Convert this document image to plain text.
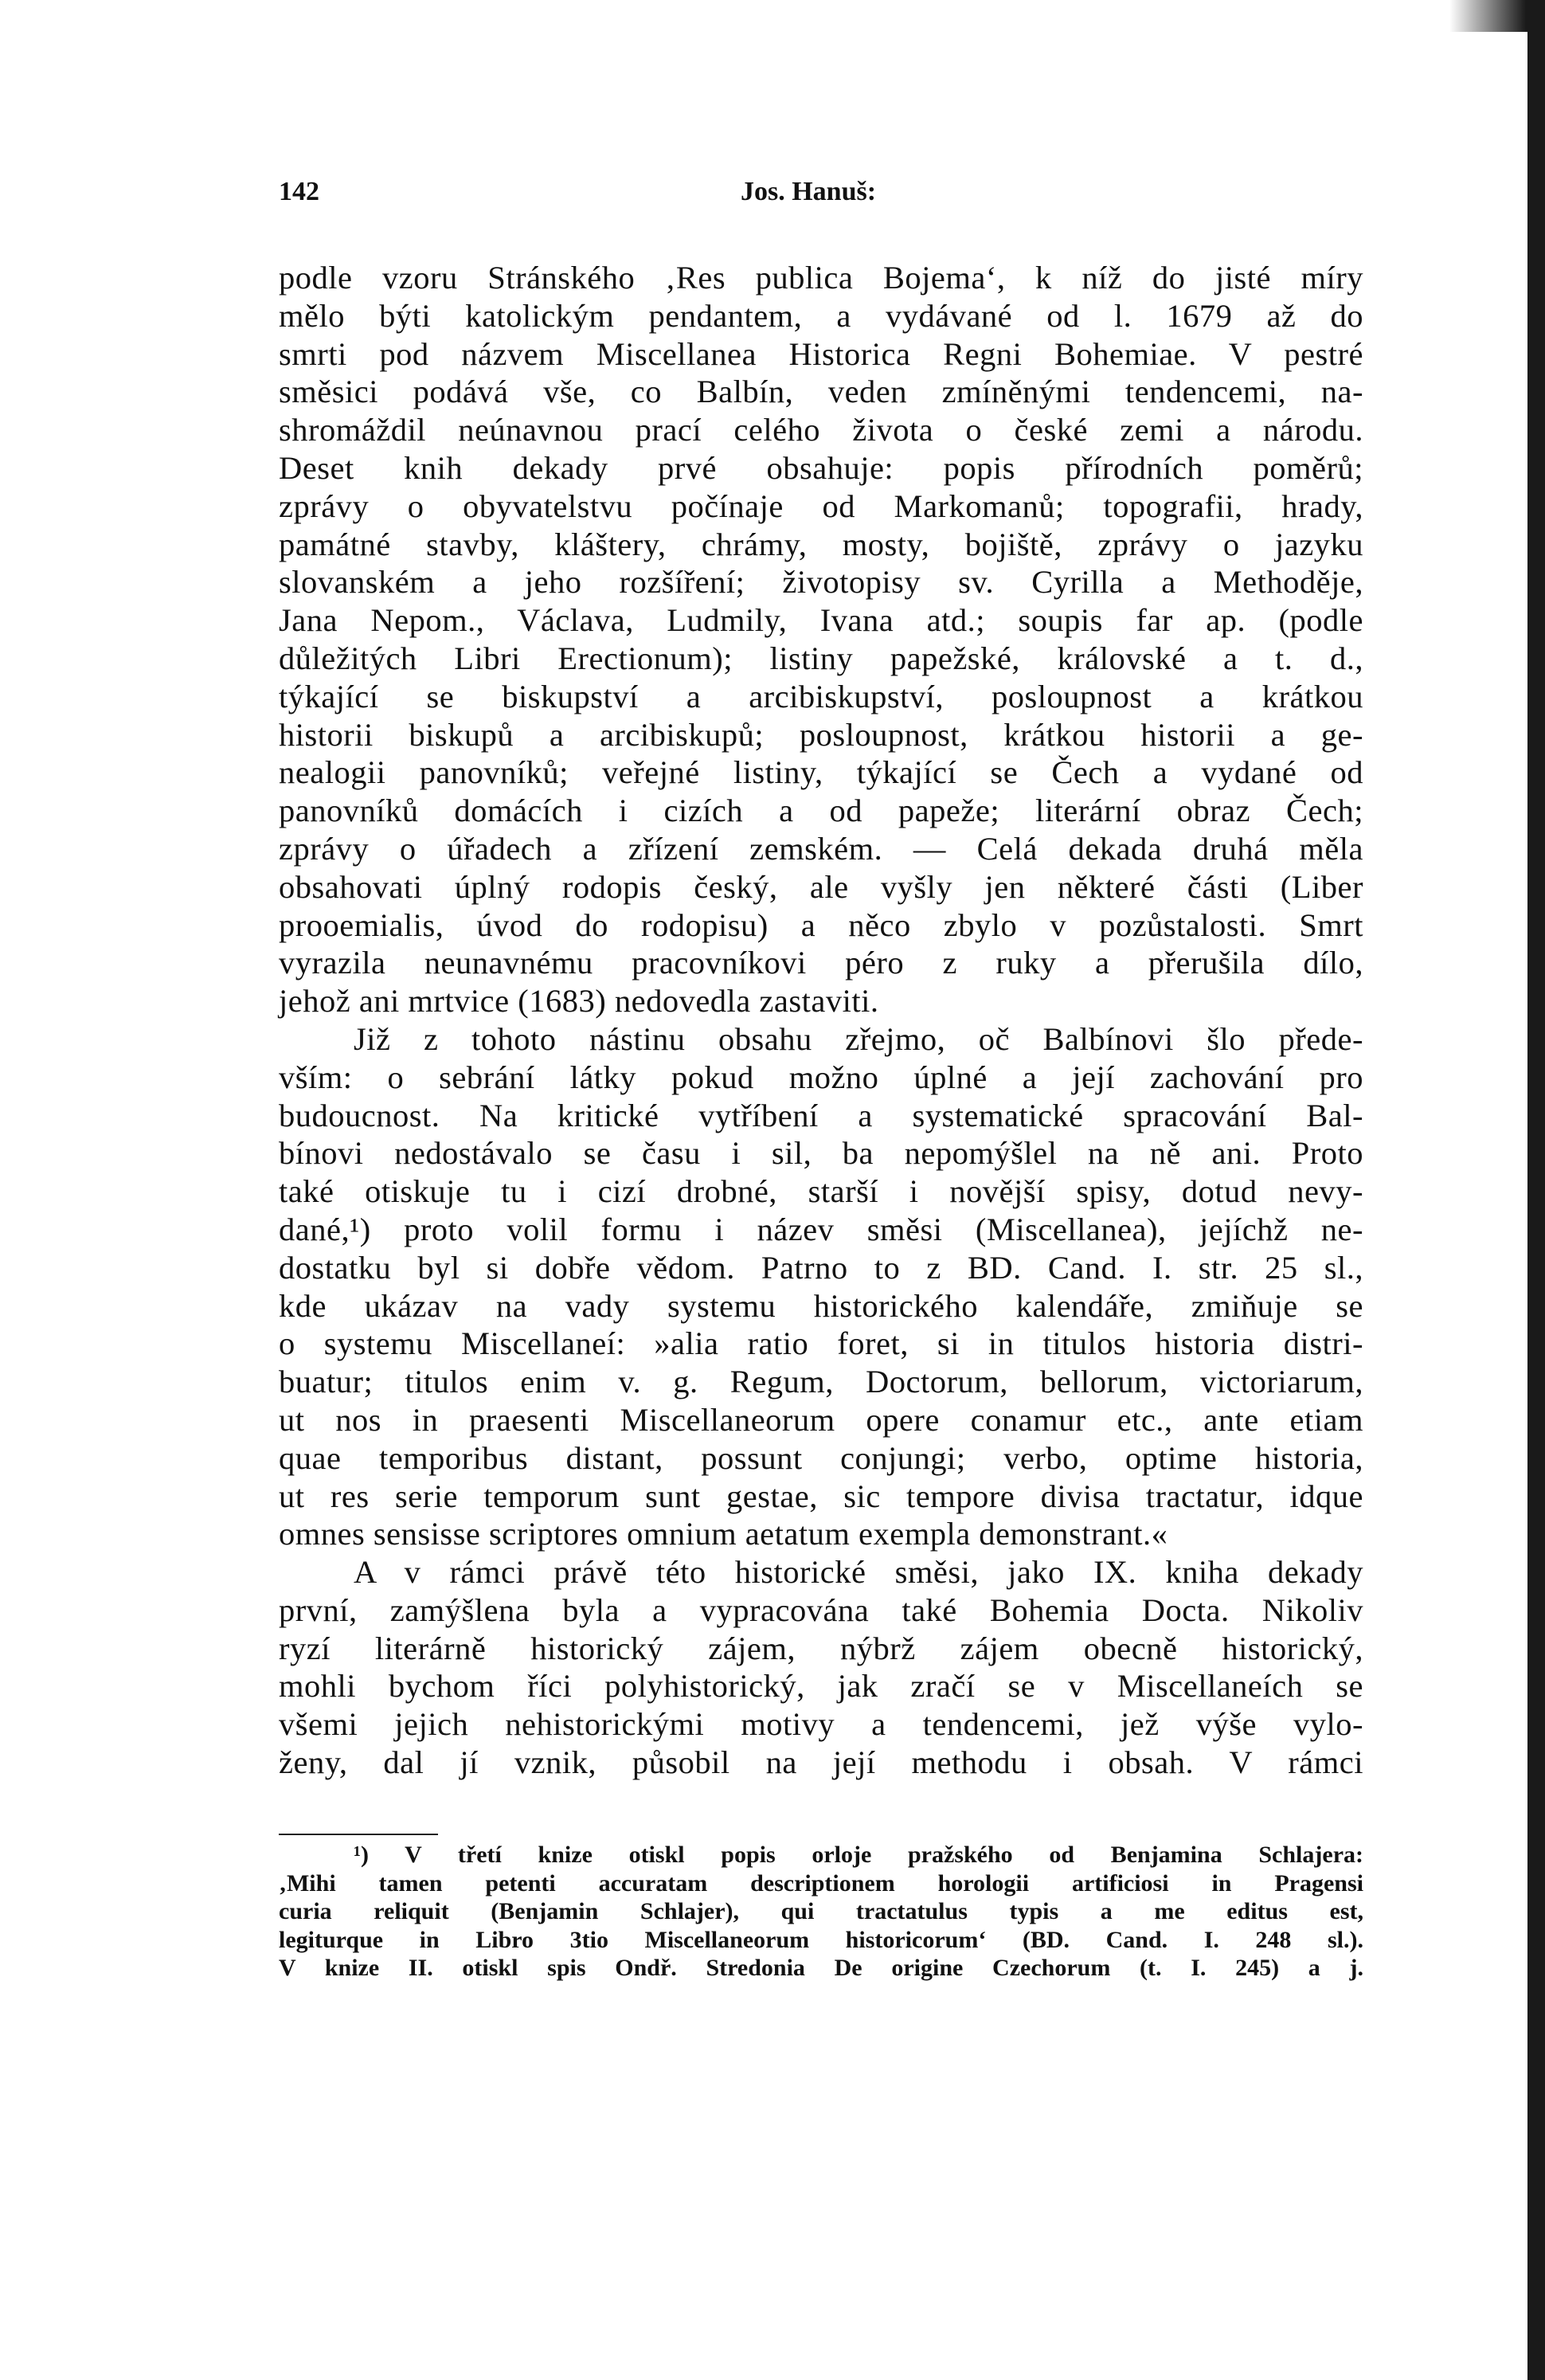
142	Jos. Hanuš:
podle vzoru Stránského ‚Res publica Bojema‘, k níž do jisté míry
mělo býti katolickým pendantem, a vydávané od l. 1679 až do
smrti pod názvem Miscellanea Historica Regni Bohemiae. V pestré
směsici podává vše, co Balbín, veden zmíněnými tendencemi, na-
shromáždil neúnavnou prací celého života o české zemi a národu.
Deset knih dekady prvé obsahuje: popis přírodních poměrů;
zprávy o obyvatelstvu počínaje od Markomanů; topografii, hrady,
památné stavby, kláštery, chrámy, mosty, bojiště, zprávy o jazyku
slovanském a jeho rozšíření; životopisy sv. Cyrilla a Methoděje,
Jana Nepom., Václava, Ludmily, Ivana atd.; soupis far ap. (podle
důležitých Libri Erectionum); listiny papežské, královské a t. d.,
týkající se biskupství a arcibiskupství, posloupnost a krátkou
historii biskupů a arcibiskupů; posloupnost, krátkou historii a ge-
nealogii panovníků; veřejné listiny, týkající se Čech a vydané od
panovníků domácích i cizích a od papeže; literární obraz Čech;
zprávy o úřadech a zřízení zemském. — Celá dekada druhá měla
obsahovati úplný rodopis český, ale vyšly jen některé části (Liber
prooemialis, úvod do rodopisu) a něco zbylo v pozůstalosti. Smrt
vyrazila neunavnému pracovníkovi péro z ruky a přerušila dílo,
jehož ani mrtvice (1683) nedovedla zastaviti.
Již z tohoto nástinu obsahu zřejmo, oč Balbínovi šlo přede-
vším: o sebrání látky pokud možno úplné a její zachování pro
budoucnost. Na kritické vytříbení a systematické spracování Bal-
bínovi nedostávalo se času i sil, ba nepomýšlel na ně ani. Proto
také otiskuje tu i cizí drobné, starší i novější spisy, dotud nevy-
dané,¹) proto volil formu i název směsi (Miscellanea), jejíchž ne-
dostatku byl si dobře vědom. Patrno to z BD. Cand. I. str. 25 sl.,
kde ukázav na vady systemu historického kalendáře, zmiňuje se
o systemu Miscellaneí: »alia ratio foret, si in titulos historia distri-
buatur; titulos enim v. g. Regum, Doctorum, bellorum, victoriarum,
ut nos in praesenti Miscellaneorum opere conamur etc., ante etiam
quae temporibus distant, possunt conjungi; verbo, optime historia,
ut res serie temporum sunt gestae, sic tempore divisa tractatur, idque
omnes sensisse scriptores omnium aetatum exempla demonstrant.«
A v rámci právě této historické směsi, jako IX. kniha dekady
první, zamýšlena byla a vypracována také Bohemia Docta. Nikoliv
ryzí literárně historický zájem, nýbrž zájem obecně historický,
mohli bychom říci polyhistorický, jak zračí se v Miscellaneích se
všemi jejich nehistorickými motivy a tendencemi, jež výše vylo-
ženy, dal jí vznik, působil na její methodu i obsah. V rámci
¹) V třetí knize otiskl popis orloje pražského od Benjamina Schlajera:
‚Mihi tamen petenti accuratam descriptionem horologii artificiosi in Pragensi
curia reliquit (Benjamin Schlajer), qui tractatulus typis a me editus est,
legiturque in Libro 3tio Miscellaneorum historicorum‘ (BD. Cand. I. 248 sl.).
V knize II. otiskl spis Ondř. Stredonia De origine Czechorum (t. I. 245) a j.
